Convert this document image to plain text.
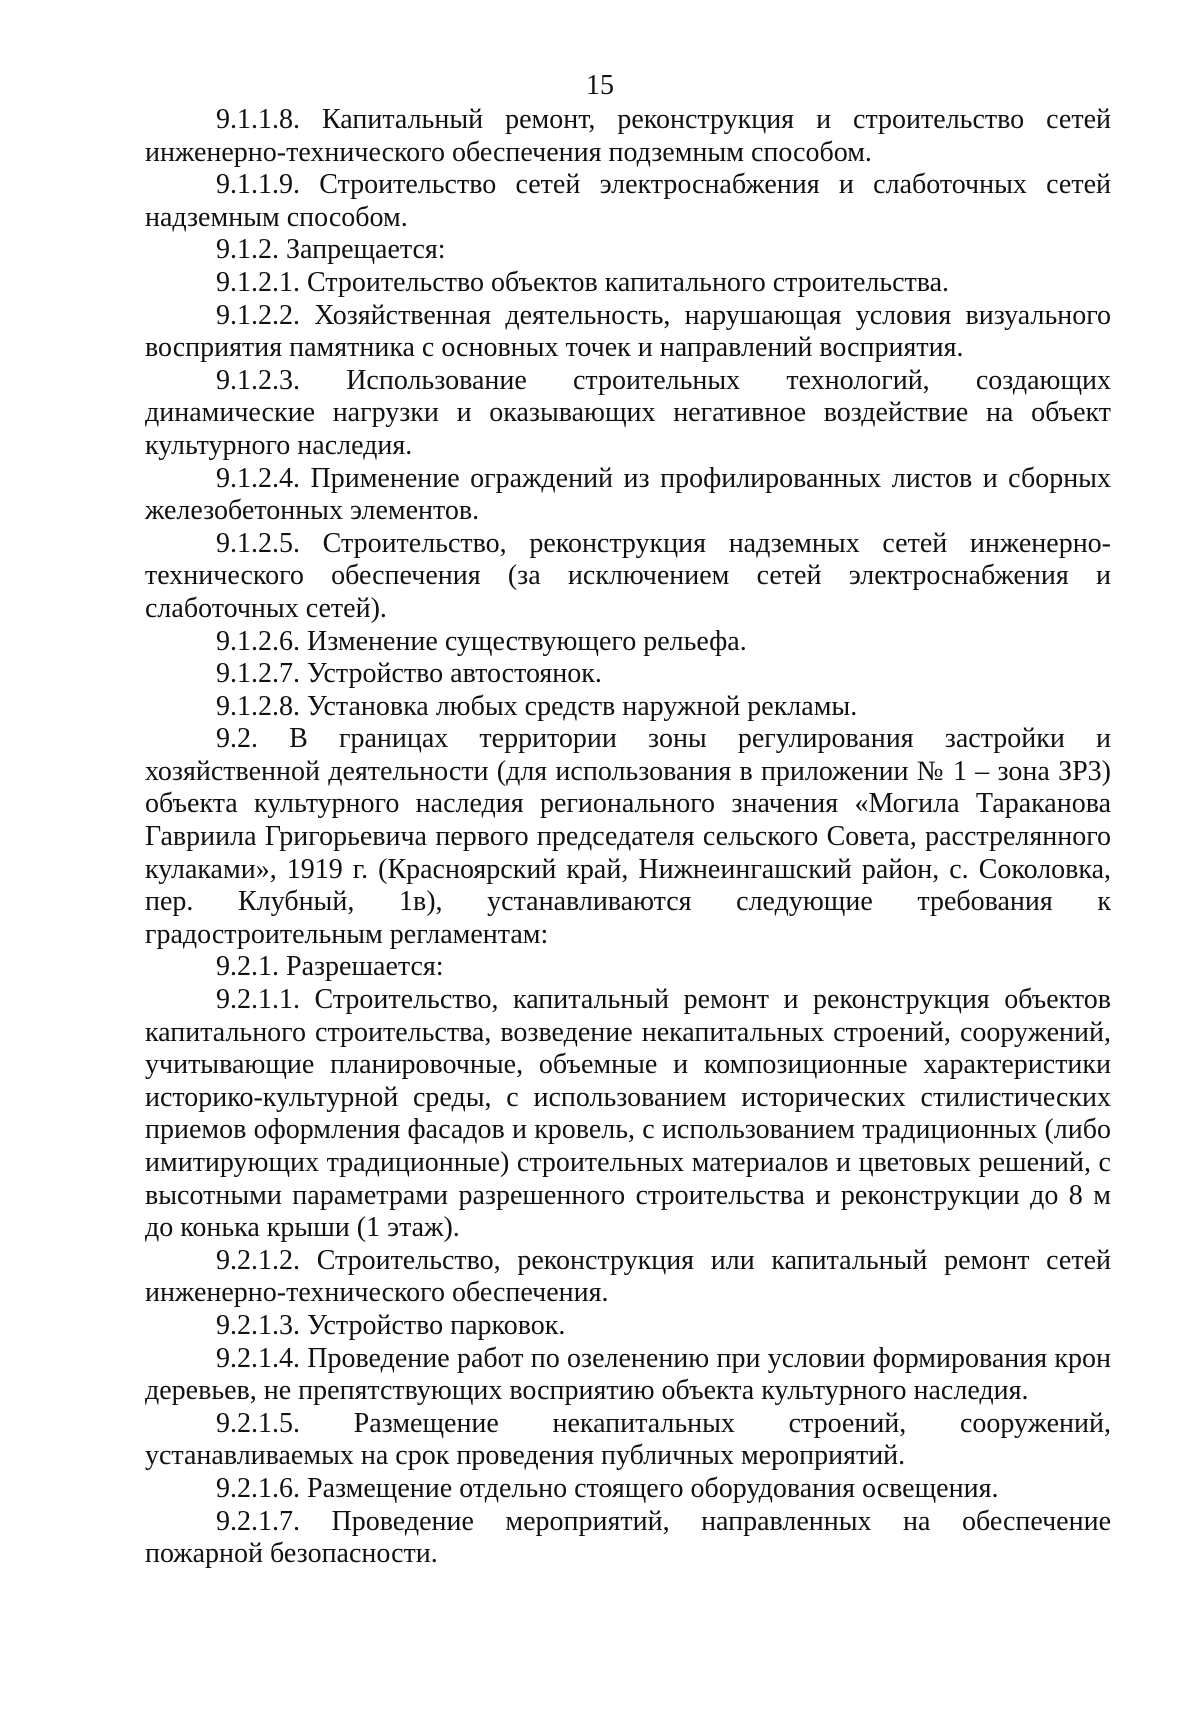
15

9.1.1.8. Капитальный ремонт, реконструкция и строительство сетей инженерно-технического обеспечения подземным способом.

9.1.1.9. Строительство сетей электроснабжения и слаботочных сетей надземным способом.

9.1.2. Запрещается:

9.1.2.1. Строительство объектов капитального строительства.

9.1.2.2. Хозяйственная деятельность, нарушающая условия визуального восприятия памятника с основных точек и направлений восприятия.

9.1.2.3. Использование строительных технологий, создающих динамические нагрузки и оказывающих негативное воздействие на объект культурного наследия.

9.1.2.4. Применение ограждений из профилированных листов и сборных железобетонных элементов.

9.1.2.5. Строительство, реконструкция надземных сетей инженерно-технического обеспечения (за исключением сетей электроснабжения и слаботочных сетей).

9.1.2.6. Изменение существующего рельефа.

9.1.2.7. Устройство автостоянок.

9.1.2.8. Установка любых средств наружной рекламы.

9.2. В границах территории зоны регулирования застройки и хозяйственной деятельности (для использования в приложении № 1 – зона ЗР3) объекта культурного наследия регионального значения «Могила Тараканова Гавриила Григорьевича первого председателя сельского Совета, расстрелянного кулаками», 1919 г. (Красноярский край, Нижнеингашский район, с. Соколовка, пер. Клубный, 1в), устанавливаются следующие требования к градостроительным регламентам:

9.2.1. Разрешается:

9.2.1.1. Строительство, капитальный ремонт и реконструкция объектов капитального строительства, возведение некапитальных строений, сооружений, учитывающие планировочные, объемные и композиционные характеристики историко-культурной среды, с использованием исторических стилистических приемов оформления фасадов и кровель, с использованием традиционных (либо имитирующих традиционные) строительных материалов и цветовых решений, с высотными параметрами разрешенного строительства и реконструкции до 8 м до конька крыши (1 этаж).

9.2.1.2. Строительство, реконструкция или капитальный ремонт сетей инженерно-технического обеспечения.

9.2.1.3. Устройство парковок.

9.2.1.4. Проведение работ по озеленению при условии формирования крон деревьев, не препятствующих восприятию объекта культурного наследия.

9.2.1.5. Размещение некапитальных строений, сооружений, устанавливаемых на срок проведения публичных мероприятий.

9.2.1.6. Размещение отдельно стоящего оборудования освещения.

9.2.1.7. Проведение мероприятий, направленных на обеспечение пожарной безопасности.
